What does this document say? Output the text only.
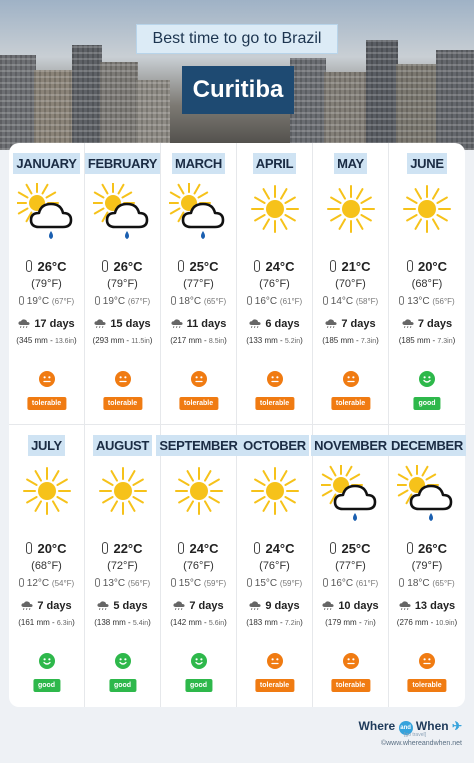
Best time to go to Brazil
Curitiba
JANUARY
26°C
(79°F)
19°C (67°F)
17 days
(345 mm - 13.6in)
tolerable
FEBRUARY
26°C
(79°F)
19°C (67°F)
15 days
(293 mm - 11.5in)
tolerable
MARCH
25°C
(77°F)
18°C (65°F)
11 days
(217 mm - 8.5in)
tolerable
APRIL
24°C
(76°F)
16°C (61°F)
6 days
(133 mm - 5.2in)
tolerable
MAY
21°C
(70°F)
14°C (58°F)
7 days
(185 mm - 7.3in)
tolerable
JUNE
20°C
(68°F)
13°C (56°F)
7 days
(185 mm - 7.3in)
good
JULY
20°C
(68°F)
12°C (54°F)
7 days
(161 mm - 6.3in)
good
AUGUST
22°C
(72°F)
13°C (56°F)
5 days
(138 mm - 5.4in)
good
SEPTEMBER
24°C
(76°F)
15°C (59°F)
7 days
(142 mm - 5.6in)
good
OCTOBER
24°C
(76°F)
15°C (59°F)
9 days
(183 mm - 7.2in)
tolerable
NOVEMBER
25°C
(77°F)
16°C (61°F)
10 days
(179 mm - 7in)
tolerable
DECEMBER
26°C
(79°F)
18°C (65°F)
13 days
(276 mm - 10.9in)
tolerable
Where and When ✈
[go travel]
©www.whereandwhen.net
